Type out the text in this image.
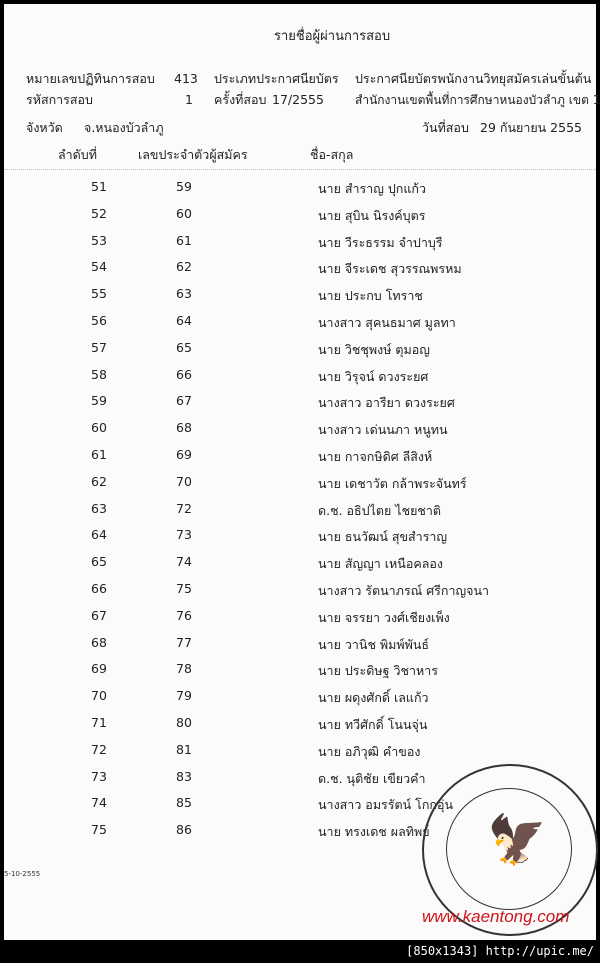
รายชื่อผู้ผ่านการสอบ
หมายเลขปฏิทินการสอบ 413 ประเภทประกาศนียบัตร ประกาศนียบัตรพนักงานวิทยุสมัครเล่นขั้นต้น
รหัสการสอบ	1 ครั้งที่สอบ 17/2555	สำนักงานเขตพื้นที่การศึกษาหนองบัวลำภู เขต 1
จังหวัด จ.หนองบัวลำภู	วันที่สอบ 29 กันยายน 2555
ลำดับที่	เลขประจำตัวผู้สมัคร	ชื่อ-สกุล
51	59	นาย สำราญ ปุกแก้ว
52	60	นาย สุบิน นิรงค์บุตร
53	61	นาย วีระธรรม จำปาบุรี
54	62	นาย จีระเดช สุวรรณพรหม
55	63	นาย ประกบ โทราช
56	64	นางสาว สุคนธมาศ มูลทา
57	65	นาย วิชชุพงษ์ ตุมอญ
58	66	นาย วิรุจน์ ดวงระยศ
59	67	นางสาว อารียา ดวงระยศ
60	68	นางสาว เด่นนภา หนูทน
61	69	นาย กาจกษิดิศ ลีสิงห์
62	70	นาย เดชาวัต กล้าพระจันทร์
63	72	ด.ช. อธิปไตย ไชยชาติ
64	73	นาย ธนวัฒน์ สุขสำราญ
65	74	นาย สัญญา เหนือคลอง
66	75	นางสาว รัตนาภรณ์ ศรีกาญจนา
67	76	นาย จรรยา วงศ์เชียงเพ็ง
68	77	นาย วานิช พิมพ์พันธ์
69	78	นาย ประดิษฐ วิชาหาร
70	79	นาย ผดุงศักดิ์ เลแก้ว
71	80	นาย ทวีศักดิ์ โนนจุ่น
72	81	นาย อภิวุฒิ คำของ
73	83	ด.ช. นุติชัย เขียวคำ
74	85	นางสาว อมรรัตน์ โกกอุ่น
75	86	นาย ทรงเดช ผลทิพย์ 🦅
5-10-2555
www.kaentong.com
[850x1343] http://upic.me/
